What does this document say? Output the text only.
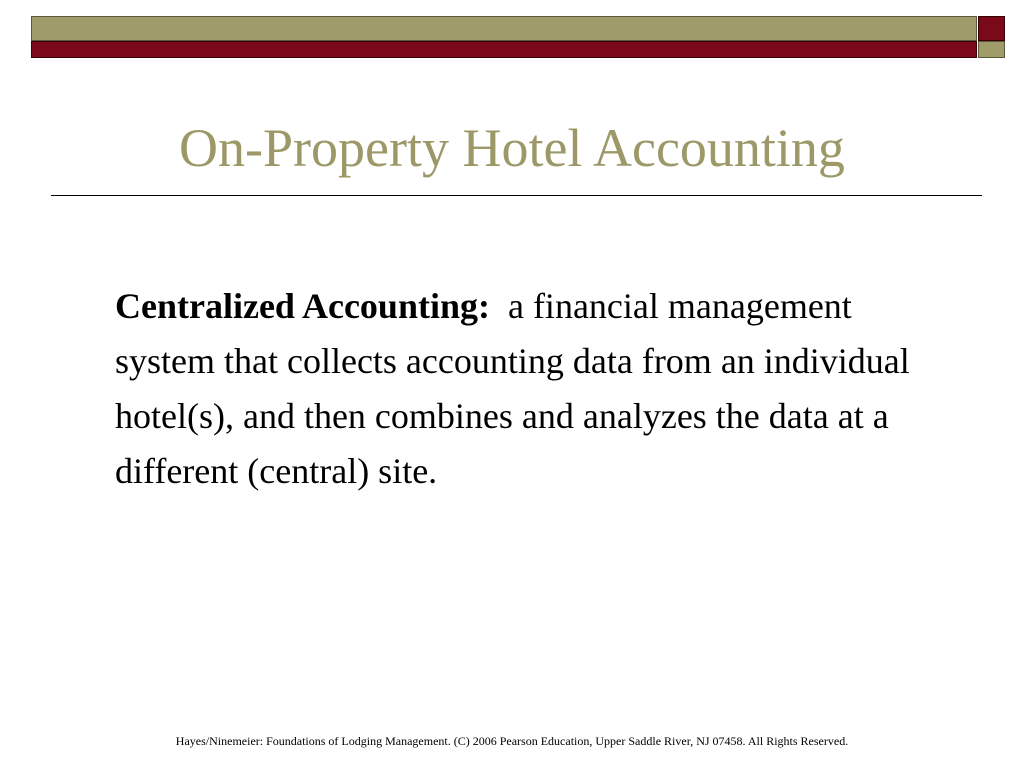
On-Property Hotel Accounting

Centralized Accounting: a financial management system that collects accounting data from an individual hotel(s), and then combines and analyzes the data at a different (central) site.

Hayes/Ninemeier: Foundations of Lodging Management. (C) 2006 Pearson Education, Upper Saddle River, NJ 07458. All Rights Reserved.
